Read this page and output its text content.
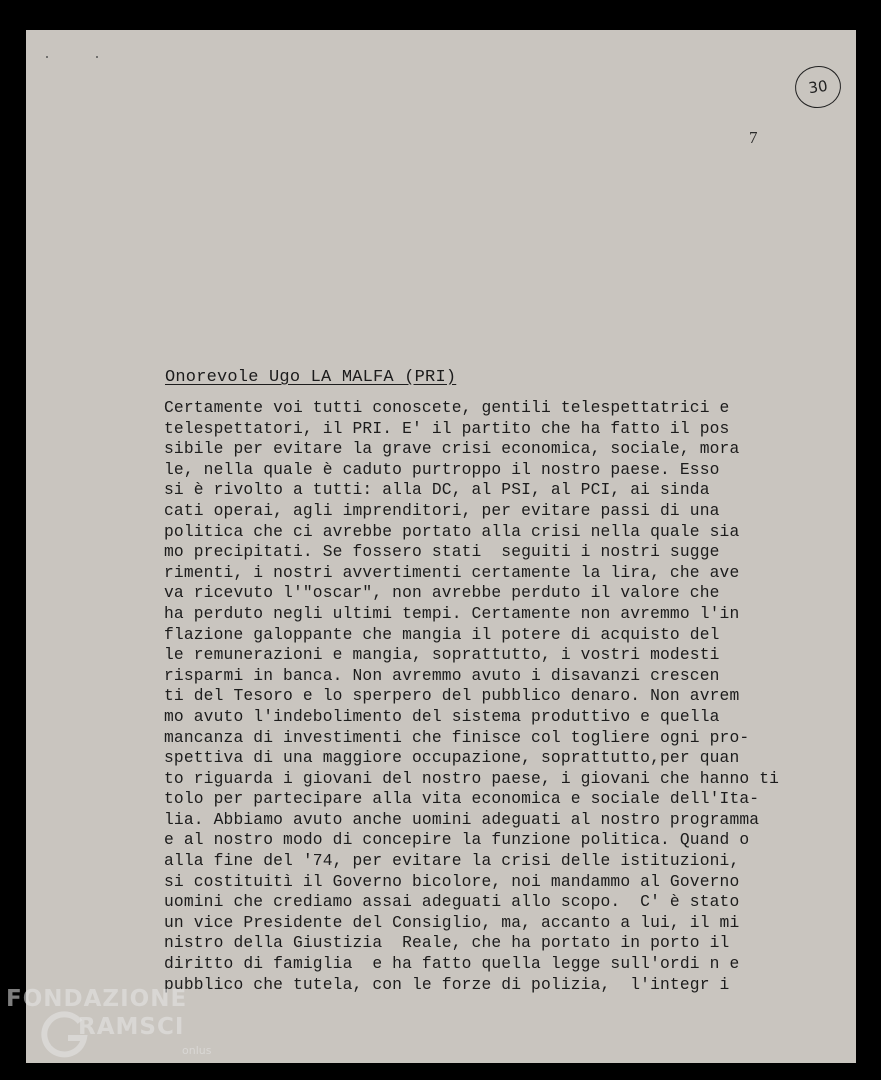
30
7
Onorevole Ugo LA MALFA (PRI)
Certamente voi tutti conoscete, gentili telespettatrici e
telespettatori, il PRI. E' il partito che ha fatto il pos
sibile per evitare la grave crisi economica, sociale, mora
le, nella quale è caduto purtroppo il nostro paese. Esso
si è rivolto a tutti: alla DC, al PSI, al PCI, ai sinda
cati operai, agli imprenditori, per evitare passi di una
politica che ci avrebbe portato alla crisi nella quale sia
mo precipitati. Se fossero stati  seguiti i nostri sugge
rimenti, i nostri avvertimenti certamente la lira, che ave
va ricevuto l'"oscar", non avrebbe perduto il valore che
ha perduto negli ultimi tempi. Certamente non avremmo l'in
flazione galoppante che mangia il potere di acquisto del
le remunerazioni e mangia, soprattutto, i vostri modesti
risparmi in banca. Non avremmo avuto i disavanzi crescen
ti del Tesoro e lo sperpero del pubblico denaro. Non avrem
mo avuto l'indebolimento del sistema produttivo e quella
mancanza di investimenti che finisce col togliere ogni pro-
spettiva di una maggiore occupazione, soprattutto,per quan
to riguarda i giovani del nostro paese, i giovani che hanno ti
tolo per partecipare alla vita economica e sociale dell'Ita-
lia. Abbiamo avuto anche uomini adeguati al nostro programma
e al nostro modo di concepire la funzione politica. Quand o
alla fine del '74, per evitare la crisi delle istituzioni,
si costituitì il Governo bicolore, noi mandammo al Governo
uomini che crediamo assai adeguati allo scopo.  C' è stato
un vice Presidente del Consiglio, ma, accanto a lui, il mi
nistro della Giustizia  Reale, che ha portato in porto il
diritto di famiglia  e ha fatto quella legge sull'ordi n e
pubblico che tutela, con le forze di polizia,  l'integr i
FONDAZIONE
RAMSCI
onlus
